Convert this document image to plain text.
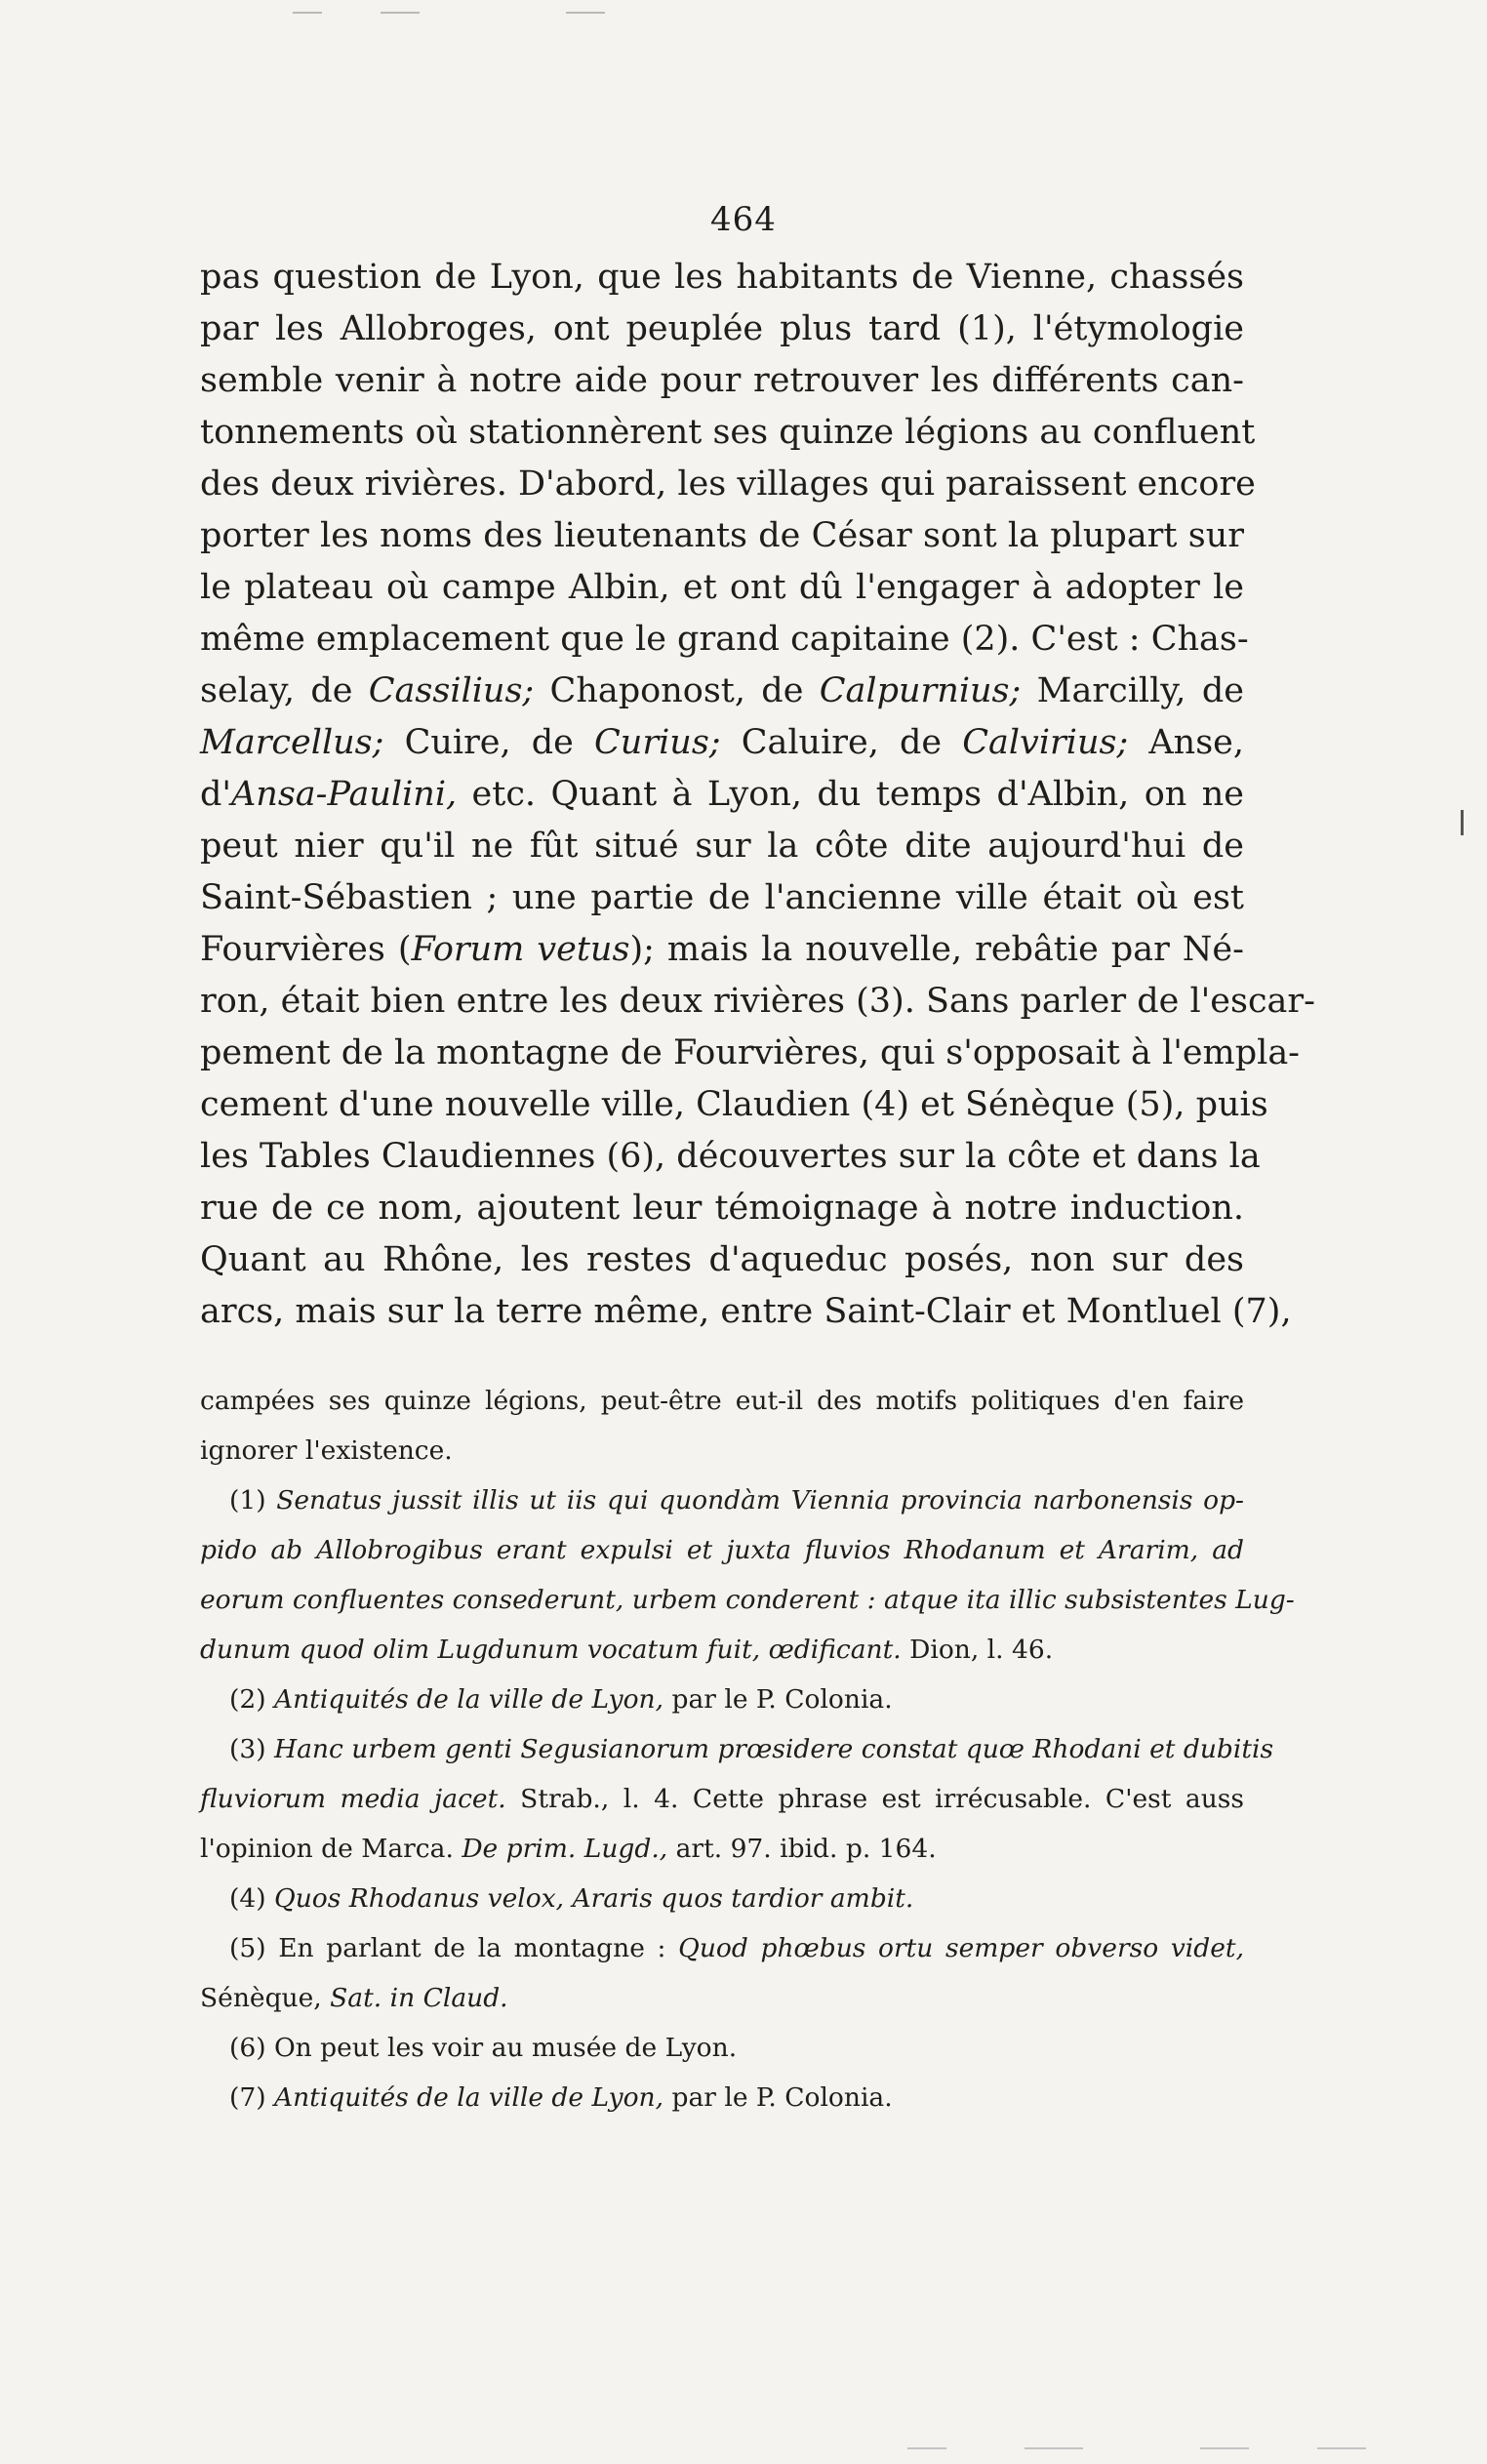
464
pas question de Lyon, que les habitants de Vienne, chassés
par les Allobroges, ont peuplée plus tard (1), l'étymologie
semble venir à notre aide pour retrouver les différents can-
tonnements où stationnèrent ses quinze légions au confluent
des deux rivières. D'abord, les villages qui paraissent encore
porter les noms des lieutenants de César sont la plupart sur
le plateau où campe Albin, et ont dû l'engager à adopter le
même emplacement que le grand capitaine (2). C'est : Chas-
selay, de Cassilius; Chaponost, de Calpurnius; Marcilly, de
Marcellus; Cuire, de Curius; Caluire, de Calvirius; Anse,
d'Ansa-Paulini, etc. Quant à Lyon, du temps d'Albin, on ne
peut nier qu'il ne fût situé sur la côte dite aujourd'hui de
Saint-Sébastien ; une partie de l'ancienne ville était où est
Fourvières (Forum vetus); mais la nouvelle, rebâtie par Né-
ron, était bien entre les deux rivières (3). Sans parler de l'escar-
pement de la montagne de Fourvières, qui s'opposait à l'empla-
cement d'une nouvelle ville, Claudien (4) et Sénèque (5), puis
les Tables Claudiennes (6), découvertes sur la côte et dans la
rue de ce nom, ajoutent leur témoignage à notre induction.
Quant au Rhône, les restes d'aqueduc posés, non sur des
arcs, mais sur la terre même, entre Saint-Clair et Montluel (7),
campées ses quinze légions, peut-être eut-il des motifs politiques d'en faire
ignorer l'existence.
(1) Senatus jussit illis ut iis qui quondàm Viennia provincia narbonensis op-
pido ab Allobrogibus erant expulsi et juxta fluvios Rhodanum et Ararim, ad
eorum confluentes consederunt, urbem conderent : atque ita illic subsistentes Lug-
dunum quod olim Lugdunum vocatum fuit, œdificant. Dion, l. 46.
(2) Antiquités de la ville de Lyon, par le P. Colonia.
(3) Hanc urbem genti Segusianorum prœsidere constat quœ Rhodani et dubitis
fluviorum media jacet. Strab., l. 4. Cette phrase est irrécusable. C'est auss
l'opinion de Marca. De prim. Lugd., art. 97. ibid. p. 164.
(4) Quos Rhodanus velox, Araris quos tardior ambit.
(5) En parlant de la montagne : Quod phœbus ortu semper obverso videt,
Sénèque, Sat. in Claud.
(6) On peut les voir au musée de Lyon.
(7) Antiquités de la ville de Lyon, par le P. Colonia.
